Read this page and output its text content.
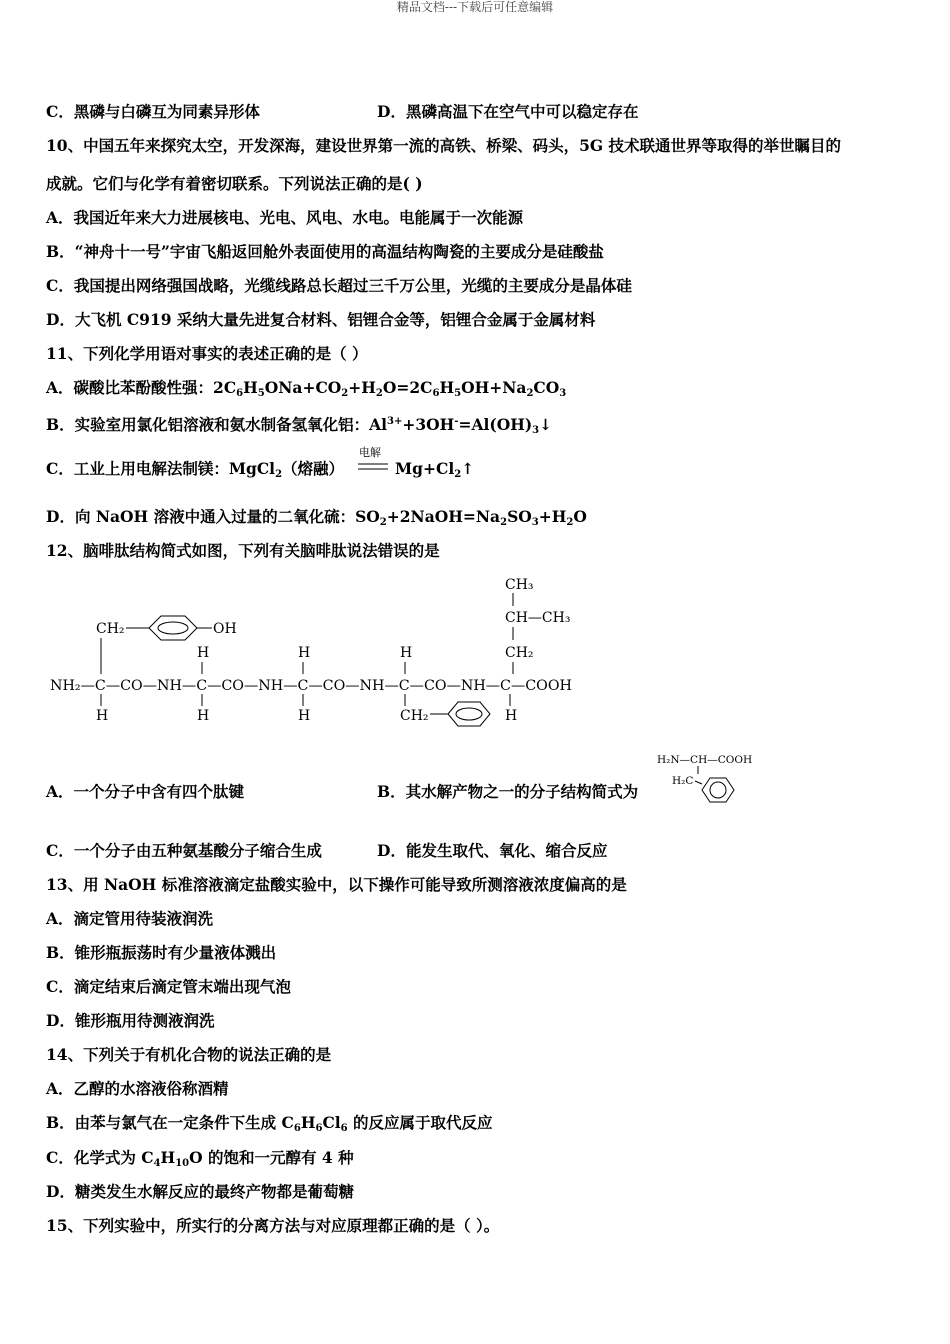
精品文档---下载后可任意编辑
C．黑磷与白磷互为同素异形体	D．黑磷高温下在空气中可以稳定存在
10、中国五年来探究太空，开发深海，建设世界第一流的高铁、桥梁、码头，5G 技术联通世界等取得的举世瞩目的
成就。它们与化学有着密切联系。下列说法正确的是( )
A．我国近年来大力进展核电、光电、风电、水电。电能属于一次能源
B．“神舟十一号”宇宙飞船返回舱外表面使用的高温结构陶瓷的主要成分是硅酸盐
C．我国提出网络强国战略，光缆线路总长超过三千万公里，光缆的主要成分是晶体硅
D．大飞机 C919 采纳大量先进复合材料、铝锂合金等，铝锂合金属于金属材料
11、下列化学用语对事实的表述正确的是（ ）
A．碳酸比苯酚酸性强：$2C_6H_5ONa+CO_2+H_2O=2C_6H_5OH+Na_2CO_3$
B．实验室用氯化铝溶液和氨水制备氢氧化铝：$Al^{3+}+3OH^-=Al(OH)_3↓$
C．工业上用电解法制镁：MgCl$_2$（熔融）
电解
$Mg+Cl_2↑$
D．向 NaOH 溶液中通入过量的二氧化硫：$SO_2+2NaOH=Na_2SO_3+H_2O$
12、脑啡肽结构简式如图，下列有关脑啡肽说法错误的是
CH₃
CH—CH₃
CH₂
CH₂	OH
H	H	H
NH₂—C—CO—NH—C—CO—NH—C—CO—NH—C—CO—NH—C—COOH
H	H	H	H
CH₂
A．一个分子中含有四个肽键	B．其水解产物之一的分子结构简式为
H₂N—CH—COOH
H₂C
C．一个分子由五种氨基酸分子缩合生成	D．能发生取代、氧化、缩合反应
13、用 NaOH 标准溶液滴定盐酸实验中，以下操作可能导致所测溶液浓度偏高的是
A．滴定管用待装液润洗
B．锥形瓶振荡时有少量液体溅出
C．滴定结束后滴定管末端出现气泡
D．锥形瓶用待测液润洗
14、下列关于有机化合物的说法正确的是
A．乙醇的水溶液俗称酒精
B．由苯与氯气在一定条件下生成 $C_6H_6Cl_6$ 的反应属于取代反应
C．化学式为 $C_4H_{10}O$ 的饱和一元醇有 4 种
D．糖类发生水解反应的最终产物都是葡萄糖
15、下列实验中，所实行的分离方法与对应原理都正确的是（ ）。
